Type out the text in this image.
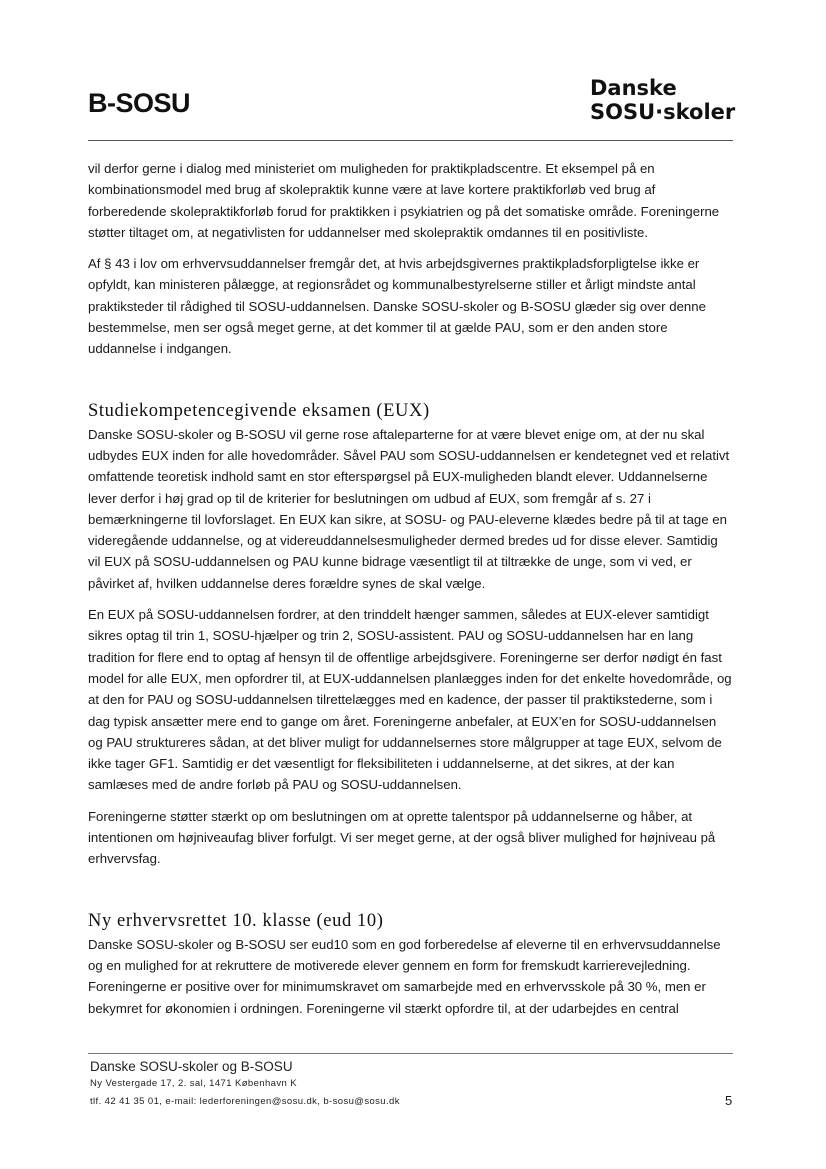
B-SOSU	Danske
SOSU·skoler

vil derfor gerne i dialog med ministeriet om muligheden for praktikpladscentre. Et eksempel på en kombinationsmodel med brug af skolepraktik kunne være at lave kortere praktikforløb ved brug af forberedende skolepraktikforløb forud for praktikken i psykiatrien og på det somatiske område. Foreningerne støtter tiltaget om, at negativlisten for uddannelser med skolepraktik omdannes til en positivliste.

Af § 43 i lov om erhvervsuddannelser fremgår det, at hvis arbejdsgivernes praktikpladsforpligtelse ikke er opfyldt, kan ministeren pålægge, at regionsrådet og kommunalbestyrelserne stiller et årligt mindste antal praktiksteder til rådighed til SOSU-uddannelsen. Danske SOSU-skoler og B-SOSU glæder sig over denne bestemmelse, men ser også meget gerne, at det kommer til at gælde PAU, som er den anden store uddannelse i indgangen.

Studiekompetencegivende eksamen (EUX)

Danske SOSU-skoler og B-SOSU vil gerne rose aftaleparterne for at være blevet enige om, at der nu skal udbydes EUX inden for alle hovedområder. Såvel PAU som SOSU-uddannelsen er kendetegnet ved et relativt omfattende teoretisk indhold samt en stor efterspørgsel på EUX-muligheden blandt elever. Uddannelserne lever derfor i høj grad op til de kriterier for beslutningen om udbud af EUX, som fremgår af s. 27 i bemærkningerne til lovforslaget. En EUX kan sikre, at SOSU- og PAU-eleverne klædes bedre på til at tage en videregående uddannelse, og at videreuddannelsesmuligheder dermed bredes ud for disse elever. Samtidig vil EUX på SOSU-uddannelsen og PAU kunne bidrage væsentligt til at tiltrække de unge, som vi ved, er påvirket af, hvilken uddannelse deres forældre synes de skal vælge.

En EUX på SOSU-uddannelsen fordrer, at den trinddelt hænger sammen, således at EUX-elever samtidigt sikres optag til trin 1, SOSU-hjælper og trin 2, SOSU-assistent. PAU og SOSU-uddannelsen har en lang tradition for flere end to optag af hensyn til de offentlige arbejdsgivere. Foreningerne ser derfor nødigt én fast model for alle EUX, men opfordrer til, at EUX-uddannelsen planlægges inden for det enkelte hovedområde, og at den for PAU og SOSU-uddannelsen tilrettelægges med en kadence, der passer til praktikstederne, som i dag typisk ansætter mere end to gange om året. Foreningerne anbefaler, at EUX’en for SOSU-uddannelsen og PAU struktureres sådan, at det bliver muligt for uddannelsernes store målgrupper at tage EUX, selvom de ikke tager GF1. Samtidig er det væsentligt for fleksibiliteten i uddannelserne, at det sikres, at der kan samlæses med de andre forløb på PAU og SOSU-uddannelsen.

Foreningerne støtter stærkt op om beslutningen om at oprette talentspor på uddannelserne og håber, at intentionen om højniveaufag bliver forfulgt. Vi ser meget gerne, at der også bliver mulighed for højniveau på erhvervsfag.

Ny erhvervsrettet 10. klasse (eud 10)

Danske SOSU-skoler og B-SOSU ser eud10 som en god forberedelse af eleverne til en erhvervsuddannelse og en mulighed for at rekruttere de motiverede elever gennem en form for fremskudt karrierevejledning. Foreningerne er positive over for minimumskravet om samarbejde med en erhvervsskole på 30 %, men er bekymret for økonomien i ordningen. Foreningerne vil stærkt opfordre til, at der udarbejdes en central

Danske SOSU-skoler og B-SOSU
Ny Vestergade 17, 2. sal, 1471 København K
tlf. 42 41 35 01, e-mail: lederforeningen@sosu.dk, b-sosu@sosu.dk	5
